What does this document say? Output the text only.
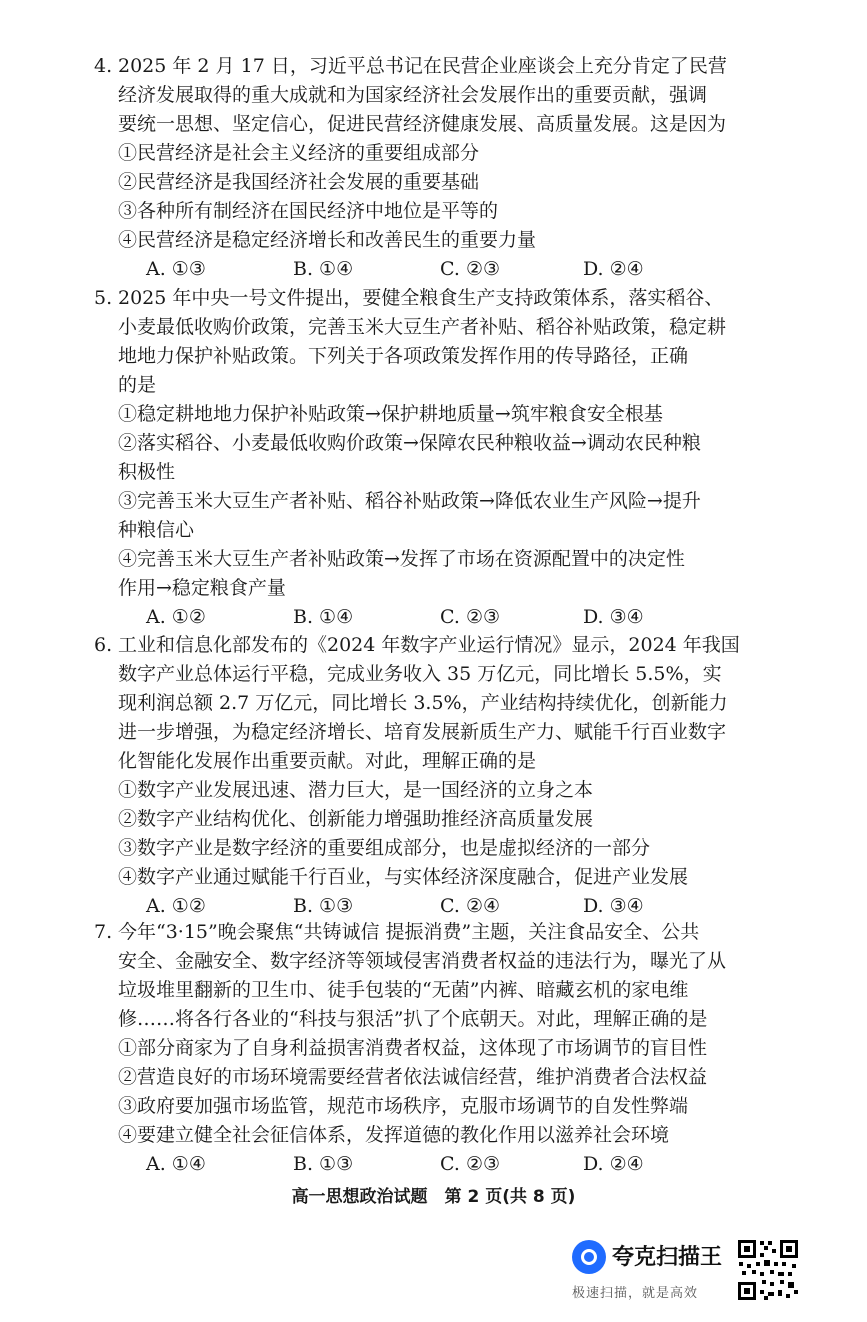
4. 2025 年 2 月 17 日，习近平总书记在民营企业座谈会上充分肯定了民营
经济发展取得的重大成就和为国家经济社会发展作出的重要贡献，强调
要统一思想、坚定信心，促进民营经济健康发展、高质量发展。这是因为
①民营经济是社会主义经济的重要组成部分
②民营经济是我国经济社会发展的重要基础
③各种所有制经济在国民经济中地位是平等的
④民营经济是稳定经济增长和改善民生的重要力量
A. ①③	B. ①④	C. ②③	D. ②④
5. 2025 年中央一号文件提出，要健全粮食生产支持政策体系，落实稻谷、
小麦最低收购价政策，完善玉米大豆生产者补贴、稻谷补贴政策，稳定耕
地地力保护补贴政策。下列关于各项政策发挥作用的传导路径，正确
的是
①稳定耕地地力保护补贴政策→保护耕地质量→筑牢粮食安全根基
②落实稻谷、小麦最低收购价政策→保障农民种粮收益→调动农民种粮
积极性
③完善玉米大豆生产者补贴、稻谷补贴政策→降低农业生产风险→提升
种粮信心
④完善玉米大豆生产者补贴政策→发挥了市场在资源配置中的决定性
作用→稳定粮食产量
A. ①②	B. ①④	C. ②③	D. ③④
6. 工业和信息化部发布的《2024 年数字产业运行情况》显示，2024 年我国
数字产业总体运行平稳，完成业务收入 35 万亿元，同比增长 5.5%，实
现利润总额 2.7 万亿元，同比增长 3.5%，产业结构持续优化，创新能力
进一步增强，为稳定经济增长、培育发展新质生产力、赋能千行百业数字
化智能化发展作出重要贡献。对此，理解正确的是
①数字产业发展迅速、潜力巨大，是一国经济的立身之本
②数字产业结构优化、创新能力增强助推经济高质量发展
③数字产业是数字经济的重要组成部分，也是虚拟经济的一部分
④数字产业通过赋能千行百业，与实体经济深度融合，促进产业发展
A. ①②	B. ①③	C. ②④	D. ③④
7. 今年“3·15”晚会聚焦“共铸诚信 提振消费”主题，关注食品安全、公共
安全、金融安全、数字经济等领域侵害消费者权益的违法行为，曝光了从
垃圾堆里翻新的卫生巾、徒手包装的“无菌”内裤、暗藏玄机的家电维
修……将各行各业的“科技与狠活”扒了个底朝天。对此，理解正确的是
①部分商家为了自身利益损害消费者权益，这体现了市场调节的盲目性
②营造良好的市场环境需要经营者依法诚信经营，维护消费者合法权益
③政府要加强市场监管，规范市场秩序，克服市场调节的自发性弊端
④要建立健全社会征信体系，发挥道德的教化作用以滋养社会环境
A. ①④	B. ①③	C. ②③	D. ②④
高一思想政治试题　第 2 页(共 8 页)
夸克扫描王
极速扫描，就是高效
